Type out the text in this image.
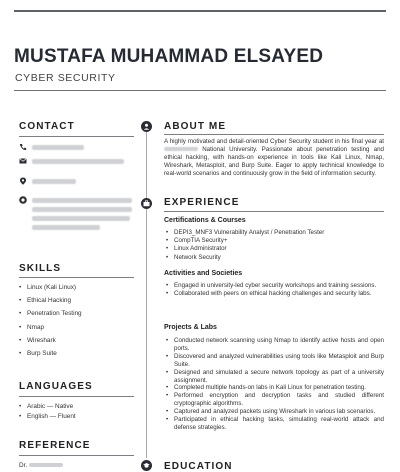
MUSTAFA MUHAMMAD ELSAYED
CYBER SECURITY
CONTACT
SKILLS
• Linux (Kali Linux)
• Ethical Hacking
• Penetration Testing
• Nmap
• Wireshark
• Burp Suite
LANGUAGES
• Arabic — Native
• English — Fluent
REFERENCE
Dr.
ABOUT ME
A highly motivated and detail-oriented Cyber Security student in his final year at  National University. Passionate about penetration testing and ethical hacking, with hands-on experience in tools like Kali Linux, Nmap, Wireshark, Metasploit, and Burp Suite. Eager to apply technical knowledge to real-world scenarios and continuously grow in the field of information security.
EXPERIENCE
Certifications & Courses
• DEPI3_MNF3 Vulnerability Analyst / Penetration Tester
• CompTIA Security+
• Linux Administrator
• Network Security
Activities and Societies
• Engaged in university-led cyber security workshops and training sessions.
• Collaborated with peers on ethical hacking challenges and security labs.
Projects & Labs
• Conducted network scanning using Nmap to identify active hosts and open ports.
• Discovered and analyzed vulnerabilities using tools like Metasploit and Burp Suite.
• Designed and simulated a secure network topology as part of a university assignment.
• Completed multiple hands-on labs in Kali Linux for penetration testing.
• Performed encryption and decryption tasks and studied different cryptographic algorithms.
• Captured and analyzed packets using Wireshark in various lab scenarios.
• Participated in ethical hacking tasks, simulating real-world attack and defense strategies.
EDUCATION
